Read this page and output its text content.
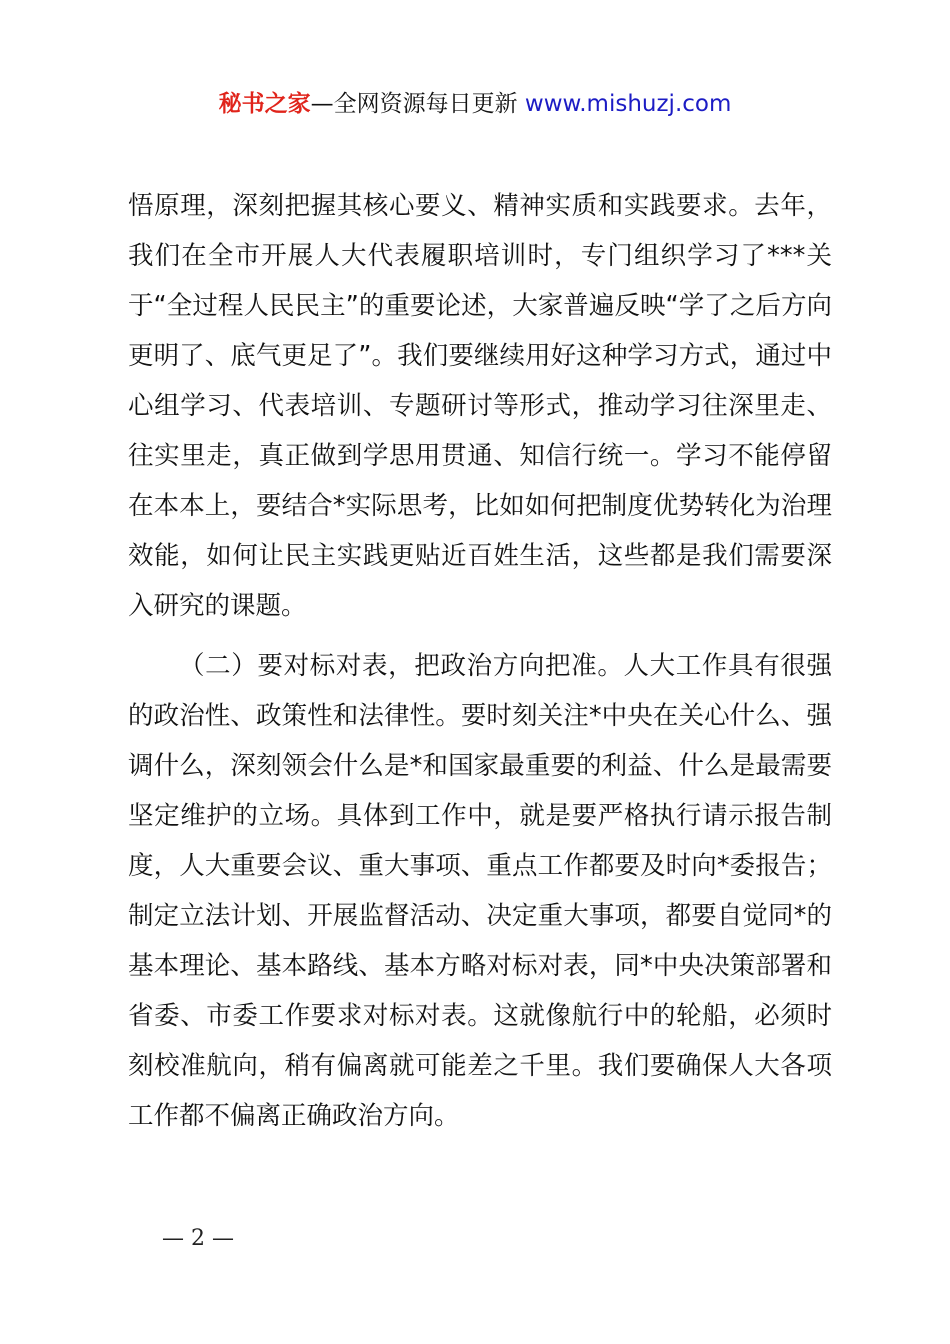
秘书之家—全网资源每日更新 www.mishuzj.com

悟原理，深刻把握其核心要义、精神实质和实践要求。去年，我们在全市开展人大代表履职培训时，专门组织学习了***关于“全过程人民民主”的重要论述，大家普遍反映“学了之后方向更明了、底气更足了”。我们要继续用好这种学习方式，通过中心组学习、代表培训、专题研讨等形式，推动学习往深里走、往实里走，真正做到学思用贯通、知信行统一。学习不能停留在本本上，要结合*实际思考，比如如何把制度优势转化为治理效能，如何让民主实践更贴近百姓生活，这些都是我们需要深入研究的课题。

（二）要对标对表，把政治方向把准。人大工作具有很强的政治性、政策性和法律性。要时刻关注*中央在关心什么、强调什么，深刻领会什么是*和国家最重要的利益、什么是最需要坚定维护的立场。具体到工作中，就是要严格执行请示报告制度，人大重要会议、重大事项、重点工作都要及时向*委报告；制定立法计划、开展监督活动、决定重大事项，都要自觉同*的基本理论、基本路线、基本方略对标对表，同*中央决策部署和省委、市委工作要求对标对表。这就像航行中的轮船，必须时刻校准航向，稍有偏离就可能差之千里。我们要确保人大各项工作都不偏离正确政治方向。

— 2 —
